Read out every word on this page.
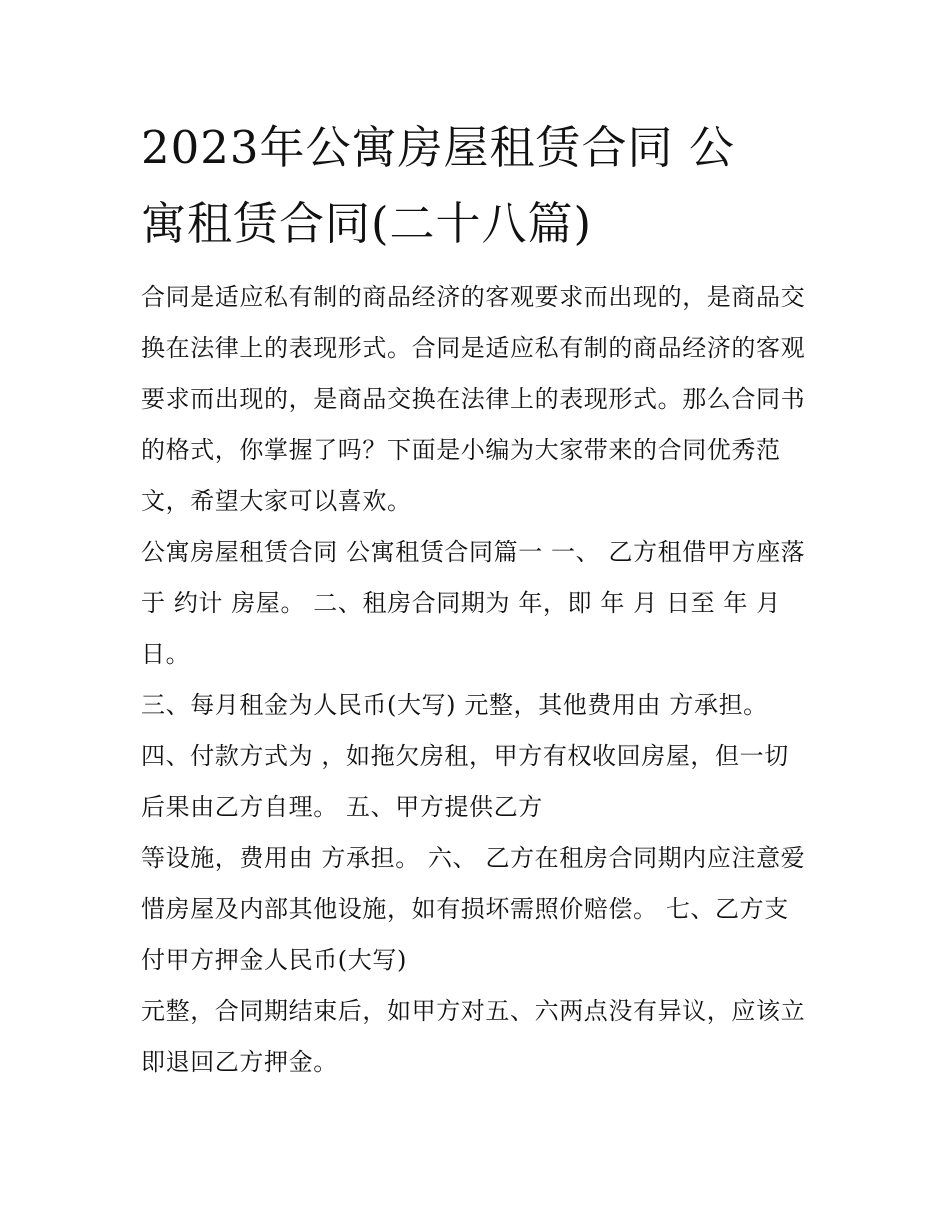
2023年公寓房屋租赁合同 公
寓租赁合同(二十八篇)

合同是适应私有制的商品经济的客观要求而出现的，是商品交
换在法律上的表现形式。合同是适应私有制的商品经济的客观
要求而出现的，是商品交换在法律上的表现形式。那么合同书
的格式，你掌握了吗？下面是小编为大家带来的合同优秀范
文，希望大家可以喜欢。

公寓房屋租赁合同 公寓租赁合同篇一 一、 乙方租借甲方座落
于 约计 房屋。 二、租房合同期为 年，即 年 月 日至 年 月
日。

三、每月租金为人民币(大写) 元整，其他费用由 方承担。

四、付款方式为 ，如拖欠房租，甲方有权收回房屋，但一切
后果由乙方自理。 五、甲方提供乙方

等设施，费用由 方承担。 六、 乙方在租房合同期内应注意爱
惜房屋及内部其他设施，如有损坏需照价赔偿。 七、乙方支
付甲方押金人民币(大写)

元整，合同期结束后，如甲方对五、六两点没有异议，应该立
即退回乙方押金。
